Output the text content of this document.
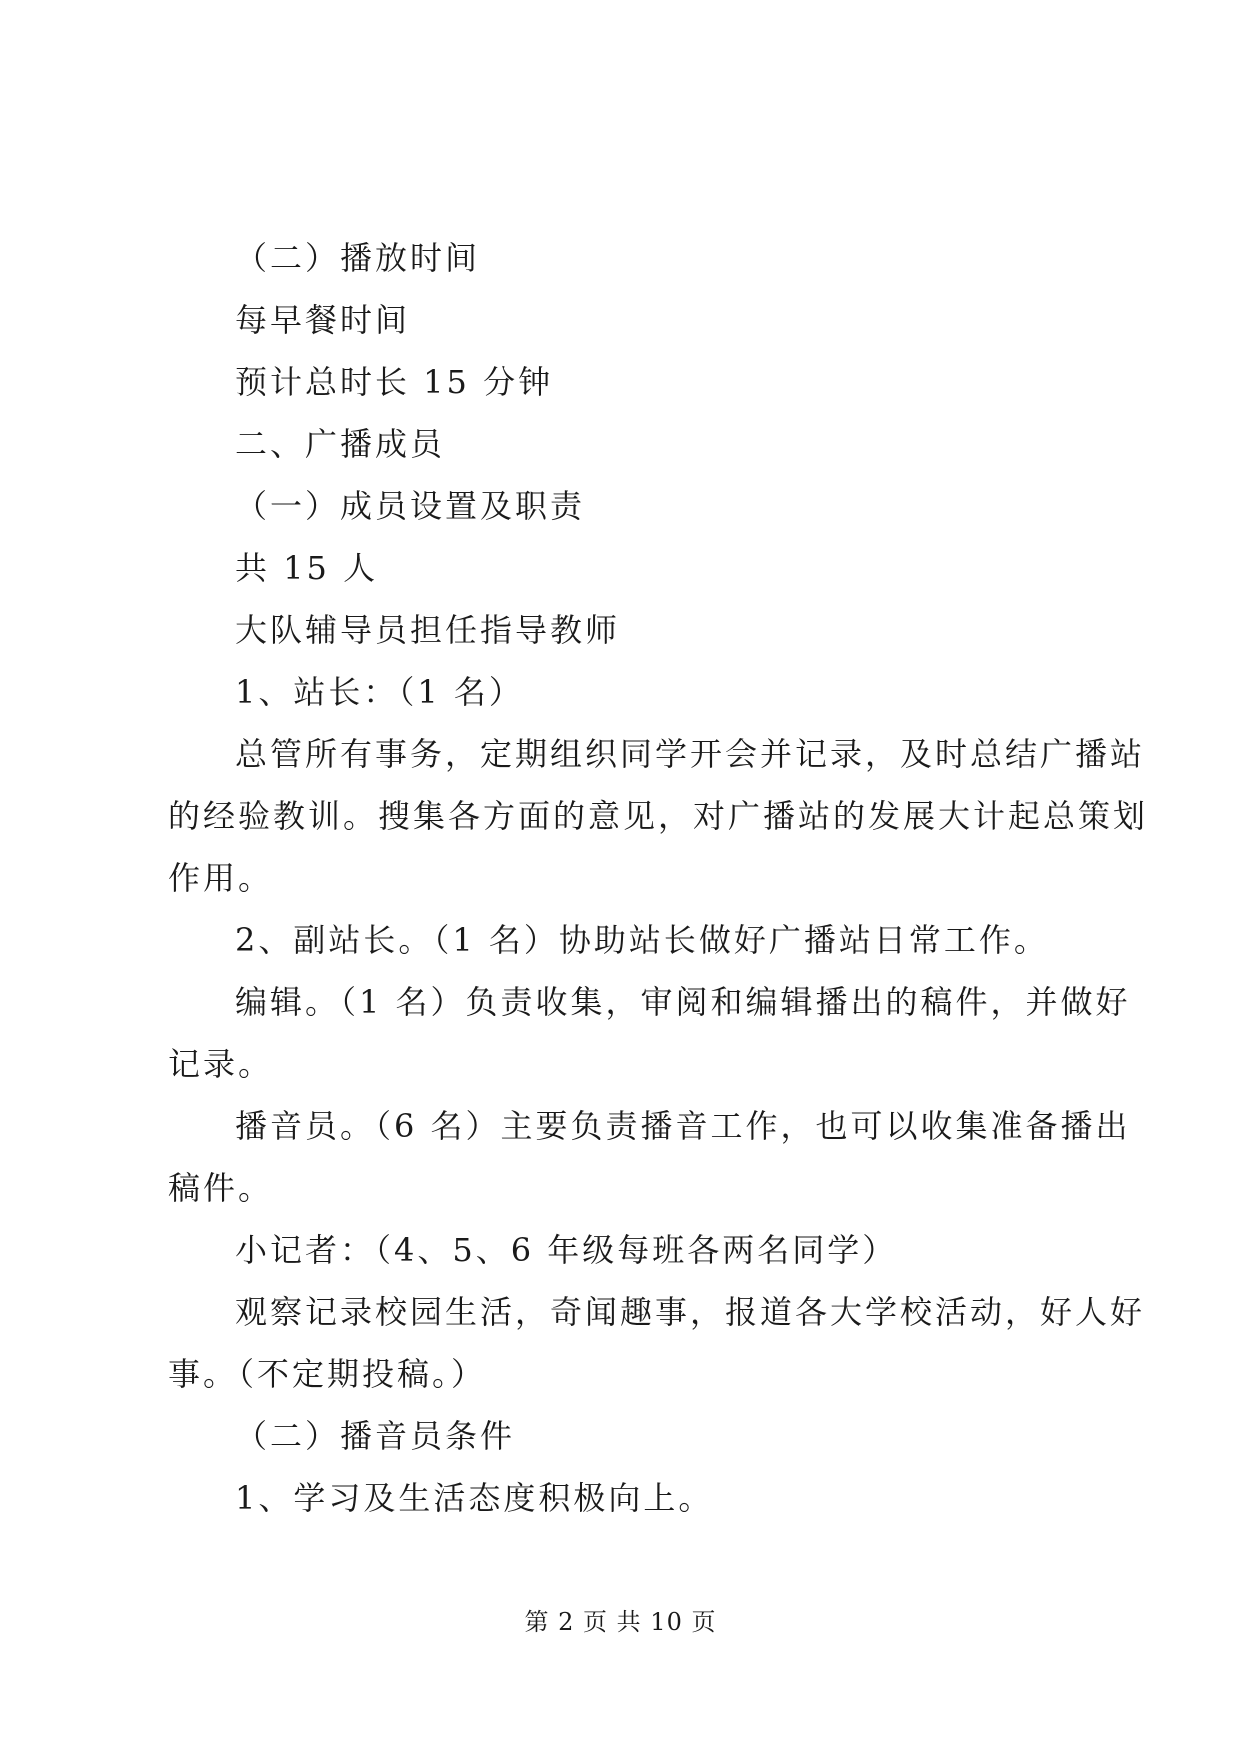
（二）播放时间
每早餐时间
预计总时长 15 分钟
二、广播成员
（一）成员设置及职责
共 15 人
大队辅导员担任指导教师
1、站长：（1 名）
总管所有事务，定期组织同学开会并记录，及时总结广播站
的经验教训。搜集各方面的意见，对广播站的发展大计起总策划
作用。
2、副站长。（1 名）协助站长做好广播站日常工作。
编辑。（1 名）负责收集，审阅和编辑播出的稿件，并做好
记录。
播音员。（6 名）主要负责播音工作，也可以收集准备播出
稿件。
小记者：（4、5、6 年级每班各两名同学）
观察记录校园生活，奇闻趣事，报道各大学校活动，好人好
事。（不定期投稿。）
（二）播音员条件
1、学习及生活态度积极向上。
第 2 页 共 10 页
